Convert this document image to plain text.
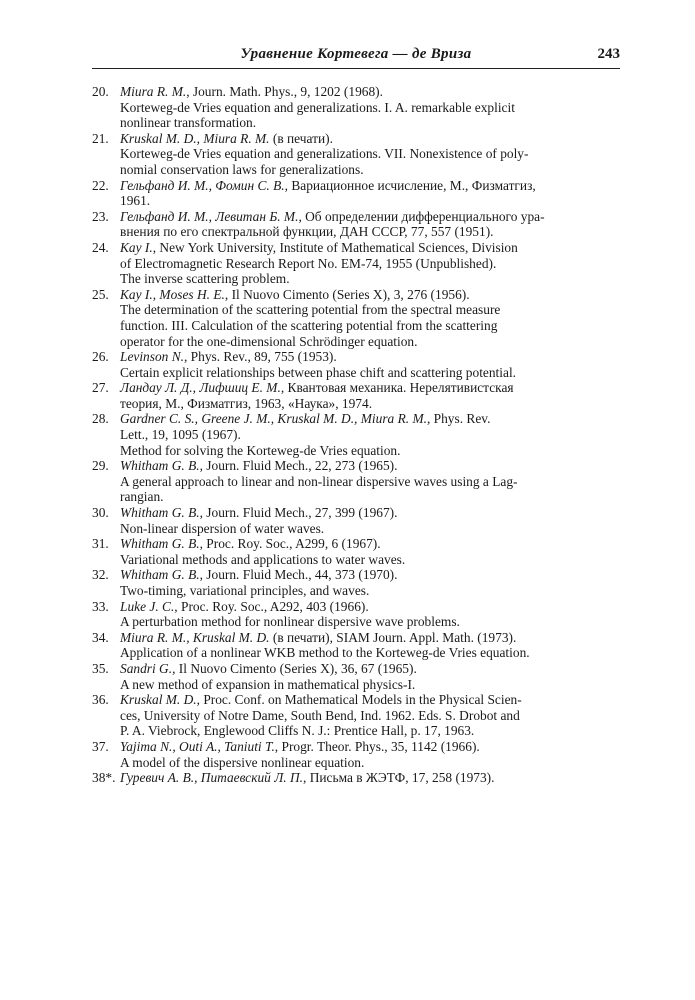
Уравнение Кортевега — де Вриза	243
20. Miura R. M., Journ. Math. Phys., 9, 1202 (1968).
Korteweg-de Vries equation and generalizations. I. A. remarkable explicit
nonlinear transformation.
21. Kruskal M. D., Miura R. M. (в печати).
Korteweg-de Vries equation and generalizations. VII. Nonexistence of poly-
nomial conservation laws for generalizations.
22. Гельфанд И. М., Фомин С. В., Вариационное исчисление, М., Физматгиз,
1961.
23. Гельфанд И. М., Левитан Б. М., Об определении дифференциального ура-
внения по его спектральной функции, ДАН СССР, 77, 557 (1951).
24. Kay I., New York University, Institute of Mathematical Sciences, Division
of Electromagnetic Research Report No. EM-74, 1955 (Unpublished).
The inverse scattering problem.
25. Kay I., Moses H. E., Il Nuovo Cimento (Series X), 3, 276 (1956).
The determination of the scattering potential from the spectral measure
function. III. Calculation of the scattering potential from the scattering
operator for the one-dimensional Schrödinger equation.
26. Levinson N., Phys. Rev., 89, 755 (1953).
Certain explicit relationships between phase chift and scattering potential.
27. Ландау Л. Д., Лифшиц Е. М., Квантовая механика. Нерелятивистская
теория, М., Физматгиз, 1963, «Наука», 1974.
28. Gardner C. S., Greene J. M., Kruskal M. D., Miura R. M., Phys. Rev.
Lett., 19, 1095 (1967).
Method for solving the Korteweg-de Vries equation.
29. Whitham G. B., Journ. Fluid Mech., 22, 273 (1965).
A general approach to linear and non-linear dispersive waves using a Lag-
rangian.
30. Whitham G. B., Journ. Fluid Mech., 27, 399 (1967).
Non-linear dispersion of water waves.
31. Whitham G. B., Proc. Roy. Soc., A299, 6 (1967).
Variational methods and applications to water waves.
32. Whitham G. B., Journ. Fluid Mech., 44, 373 (1970).
Two-timing, variational principles, and waves.
33. Luke J. C., Proc. Roy. Soc., A292, 403 (1966).
A perturbation method for nonlinear dispersive wave problems.
34. Miura R. M., Kruskal M. D. (в печати), SIAM Journ. Appl. Math. (1973).
Application of a nonlinear WKB method to the Korteweg-de Vries equation.
35. Sandri G., Il Nuovo Cimento (Series X), 36, 67 (1965).
A new method of expansion in mathematical physics-I.
36. Kruskal M. D., Proc. Conf. on Mathematical Models in the Physical Scien-
ces, University of Notre Dame, South Bend, Ind. 1962. Eds. S. Drobot and
P. A. Viebrock, Englewood Cliffs N. J.: Prentice Hall, p. 17, 1963.
37. Yajima N., Outi A., Taniuti T., Progr. Theor. Phys., 35, 1142 (1966).
A model of the dispersive nonlinear equation.
38*. Гуревич А. В., Питаевский Л. П., Письма в ЖЭТФ, 17, 258 (1973).
